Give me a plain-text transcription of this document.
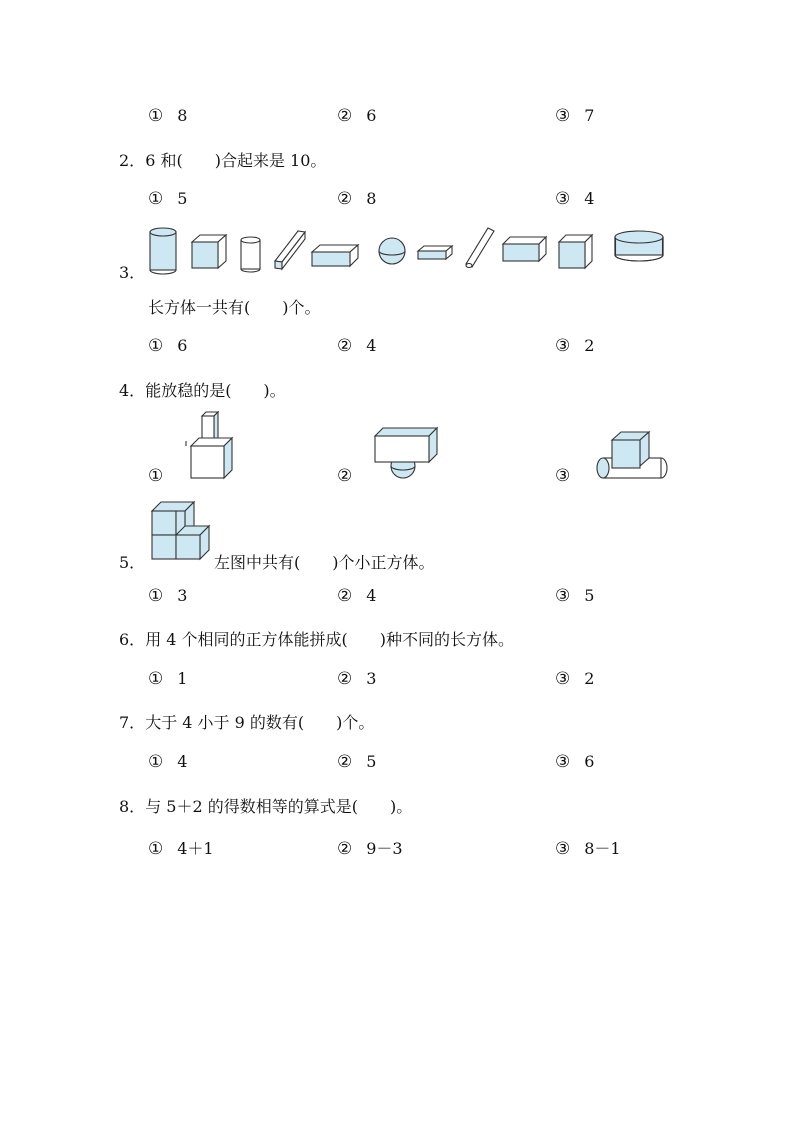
① 8	② 6	③ 7
2．6 和(　　)合起来是 10。
① 5	② 8	③ 4
3．
长方体一共有(　　)个。
① 6	② 4	③ 2
4．能放稳的是(　　)。
①	②	③
5．	左图中共有(　　)个小正方体。
① 3	② 4	③ 5
6．用 4 个相同的正方体能拼成(　　)种不同的长方体。
① 1	② 3	③ 2
7．大于 4 小于 9 的数有(　　)个。
① 4	② 5	③ 6
8．与 5＋2 的得数相等的算式是(　　)。
① 4＋1	② 9－3	③ 8－1
